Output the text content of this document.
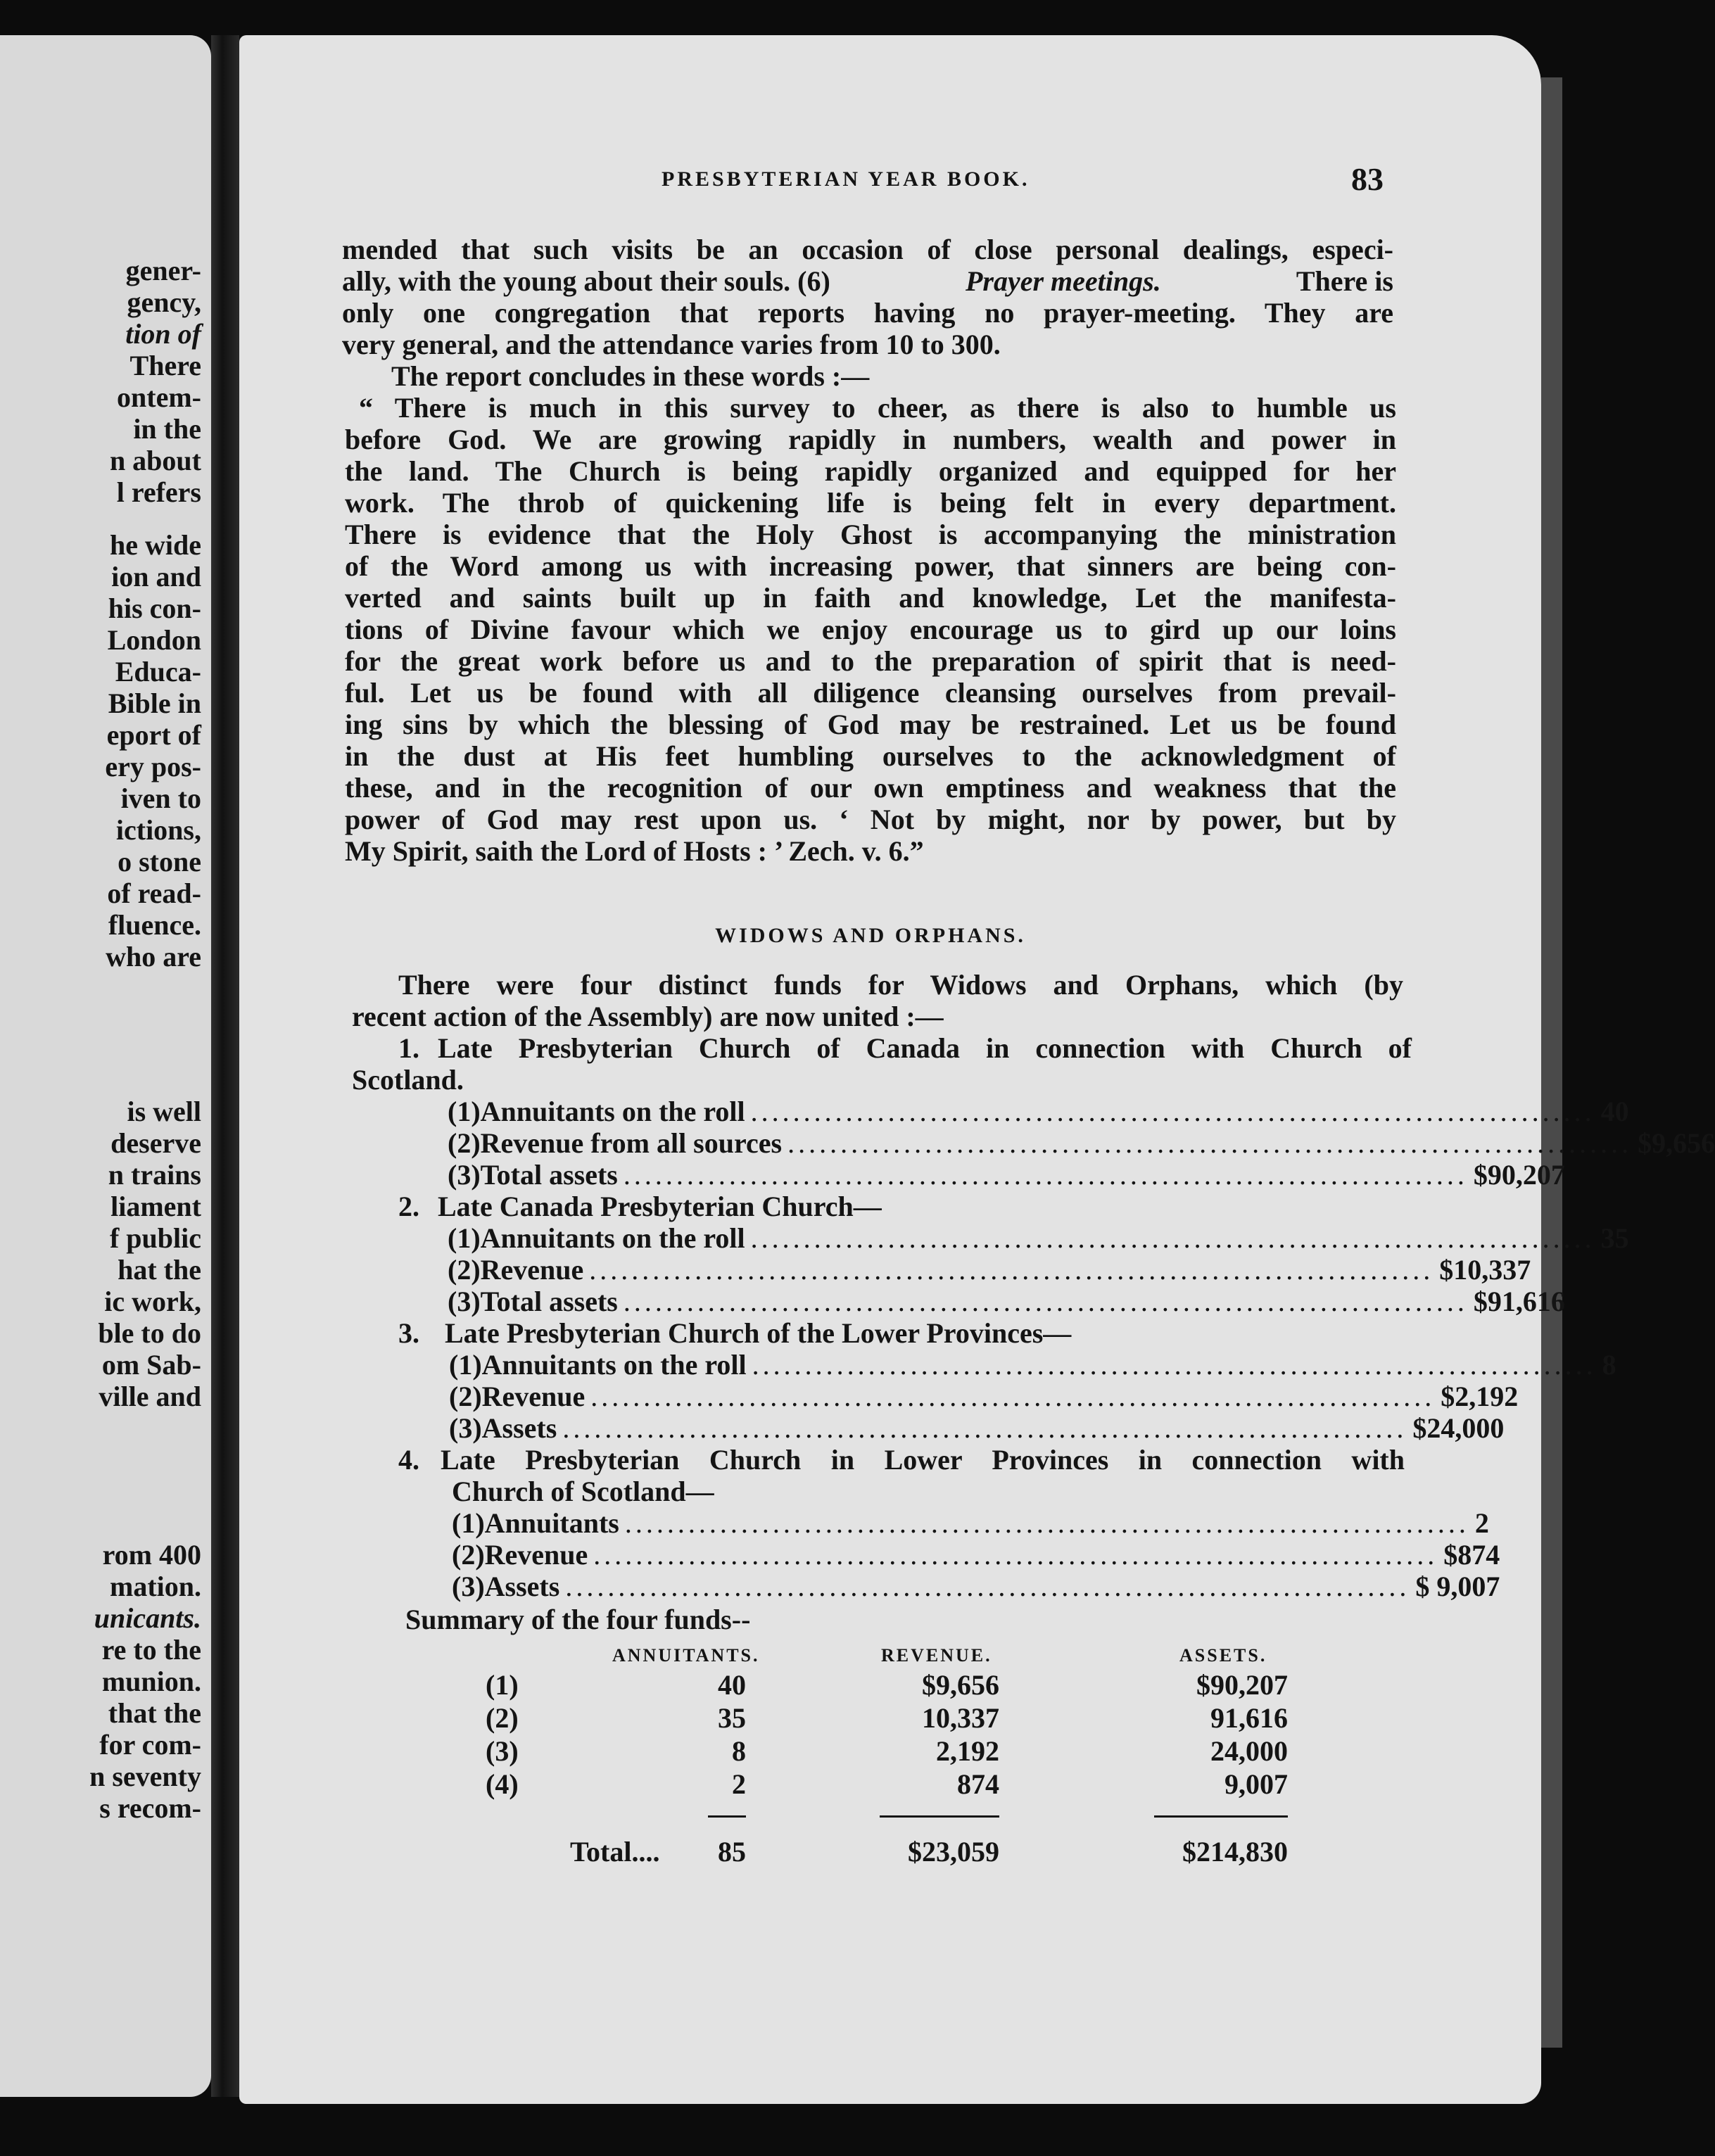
gener-
gency,
tion of
There
ontem-
in the
n about
l refers
he wide
ion and
his con-
London
Educa-
Bible in
eport of
ery pos-
iven to
ictions,
o stone
of read-
fluence.
who are
is well
deserve
n trains
liament
f public
hat the
ic work,
ble to do
om Sab-
ville and
rom 400
mation.
unicants.
re to the
munion.
that the
for com-
n seventy
s recom-
PRESBYTERIAN YEAR BOOK.	83
mended that such visits be an occasion of close personal dealings, especi-
ally, with the young about their souls. (6)	Prayer meetings.	There is
only one congregation that reports having no prayer-meeting. They are
very general, and the attendance varies from 10 to 300.
The report concludes in these words :—
“ There is much in this survey to cheer, as there is also to humble us
before God. We are growing rapidly in numbers, wealth and power in
the land. The Church is being rapidly organized and equipped for her
work. The throb of quickening life is being felt in every department.
There is evidence that the Holy Ghost is accompanying the ministration
of the Word among us with increasing power, that sinners are being con-
verted and saints built up in faith and knowledge, Let the manifesta-
tions of Divine favour which we enjoy encourage us to gird up our loins
for the great work before us and to the preparation of spirit that is need-
ful. Let us be found with all diligence cleansing ourselves from prevail-
ing sins by which the blessing of God may be restrained. Let us be found
in the dust at His feet humbling ourselves to the acknowledgment of
these, and in the recognition of our own emptiness and weakness that the
power of God may rest upon us. ‘ Not by might, nor by power, but by
My Spirit, saith the Lord of Hosts : ’ Zech. v. 6.”
WIDOWS AND ORPHANS.
There were four distinct funds for Widows and Orphans, which (by
recent action of the Assembly) are now united :—
1. Late Presbyterian Church of Canada in connection with Church of
Scotland.
(1) Annuitants on the roll ................................................................................ 40
(2) Revenue from all sources ................................................................................ $9,656
(3) Total assets ................................................................................ $90,207
2. Late Canada Presbyterian Church—
(1) Annuitants on the roll ................................................................................ 35
(2) Revenue ................................................................................ $10,337
(3) Total assets ................................................................................ $91,616
3. Late Presbyterian Church of the Lower Provinces—
(1) Annuitants on the roll ................................................................................ 8
(2) Revenue ................................................................................ $2,192
(3) Assets ................................................................................ $24,000
4. Late Presbyterian Church in Lower Provinces in connection with
Church of Scotland—
(1) Annuitants ................................................................................ 2
(2) Revenue ................................................................................ $874
(3) Assets ................................................................................ $ 9,007
Summary of the four funds--
ANNUITANTS.	REVENUE.	ASSETS.
(1)	40	$9,656	$90,207
(2)	35	10,337	91,616
(3)	8	2,192	24,000
(4)	2	874	9,007
Total....	85	$23,059	$214,830
